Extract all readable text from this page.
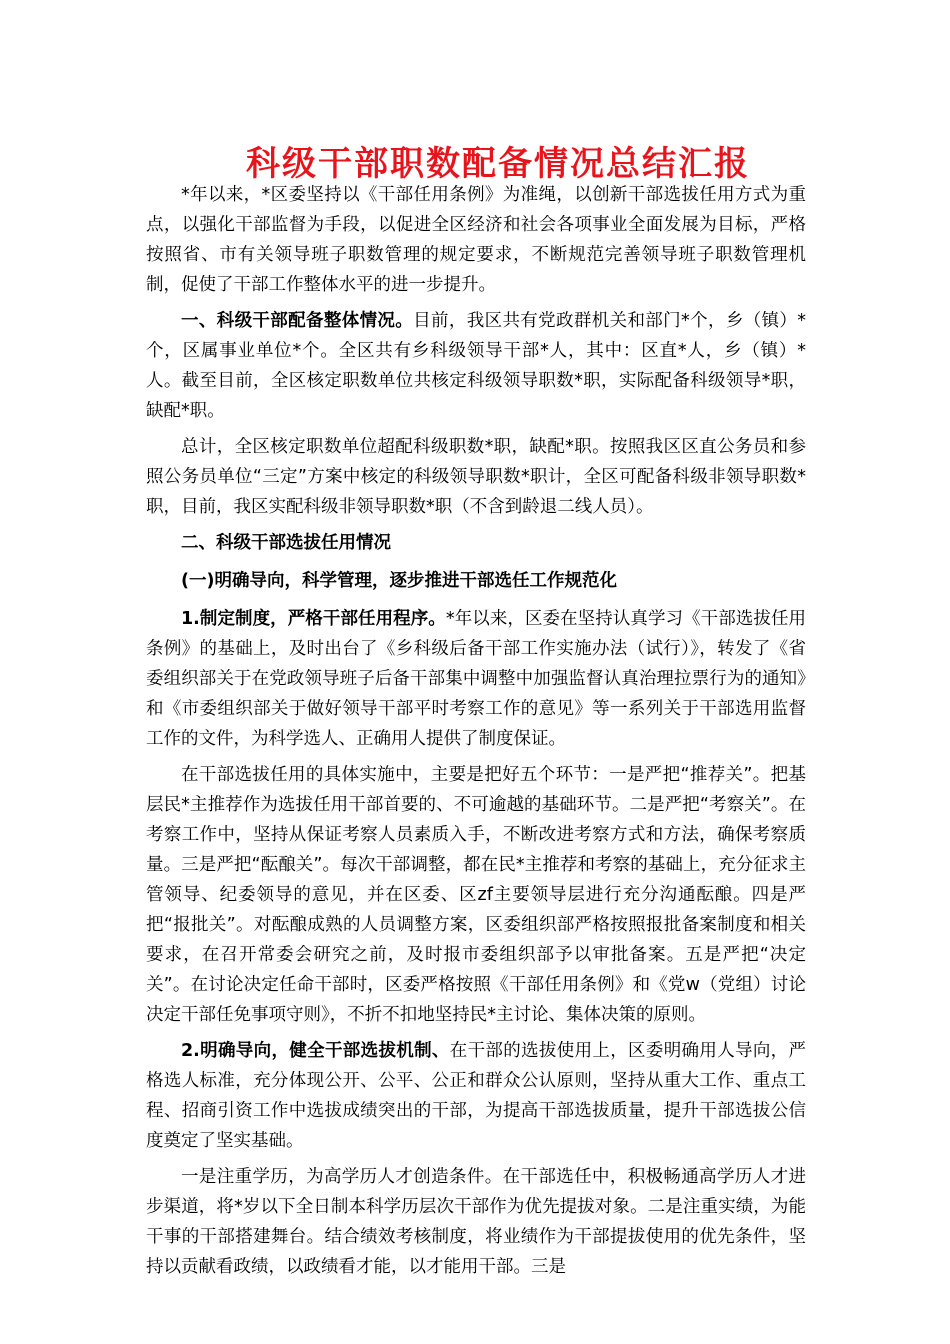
科级干部职数配备情况总结汇报

*年以来，*区委坚持以《干部任用条例》为准绳，以创新干部选拔任用方式为重点，以强化干部监督为手段，以促进全区经济和社会各项事业全面发展为目标，严格按照省、市有关领导班子职数管理的规定要求，不断规范完善领导班子职数管理机制，促使了干部工作整体水平的进一步提升。

一、科级干部配备整体情况。目前，我区共有党政群机关和部门*个，乡（镇）*个，区属事业单位*个。全区共有乡科级领导干部*人，其中：区直*人，乡（镇）*人。截至目前，全区核定职数单位共核定科级领导职数*职，实际配备科级领导*职，缺配*职。

总计，全区核定职数单位超配科级职数*职，缺配*职。按照我区区直公务员和参照公务员单位“三定”方案中核定的科级领导职数*职计，全区可配备科级非领导职数*职，目前，我区实配科级非领导职数*职（不含到龄退二线人员）。

二、科级干部选拔任用情况

(一)明确导向，科学管理，逐步推进干部选任工作规范化

1.制定制度，严格干部任用程序。*年以来，区委在坚持认真学习《干部选拔任用条例》的基础上，及时出台了《乡科级后备干部工作实施办法（试行）》，转发了《省委组织部关于在党政领导班子后备干部集中调整中加强监督认真治理拉票行为的通知》和《市委组织部关于做好领导干部平时考察工作的意见》等一系列关于干部选用监督工作的文件，为科学选人、正确用人提供了制度保证。

在干部选拔任用的具体实施中，主要是把好五个环节：一是严把“推荐关”。把基层民*主推荐作为选拔任用干部首要的、不可逾越的基础环节。二是严把“考察关”。在考察工作中，坚持从保证考察人员素质入手，不断改进考察方式和方法，确保考察质量。三是严把“酝酿关”。每次干部调整，都在民*主推荐和考察的基础上，充分征求主管领导、纪委领导的意见，并在区委、区zf主要领导层进行充分沟通酝酿。四是严把“报批关”。对酝酿成熟的人员调整方案，区委组织部严格按照报批备案制度和相关要求，在召开常委会研究之前，及时报市委组织部予以审批备案。五是严把“决定关”。在讨论决定任命干部时，区委严格按照《干部任用条例》和《党w（党组）讨论决定干部任免事项守则》，不折不扣地坚持民*主讨论、集体决策的原则。

2.明确导向，健全干部选拔机制、在干部的选拔使用上，区委明确用人导向，严格选人标准，充分体现公开、公平、公正和群众公认原则，坚持从重大工作、重点工程、招商引资工作中选拔成绩突出的干部，为提高干部选拔质量，提升干部选拔公信度奠定了坚实基础。

一是注重学历，为高学历人才创造条件。在干部选任中，积极畅通高学历人才进步渠道，将*岁以下全日制本科学历层次干部作为优先提拔对象。二是注重实绩，为能干事的干部搭建舞台。结合绩效考核制度，将业绩作为干部提拔使用的优先条件，坚持以贡献看政绩，以政绩看才能，以才能用干部。三是
